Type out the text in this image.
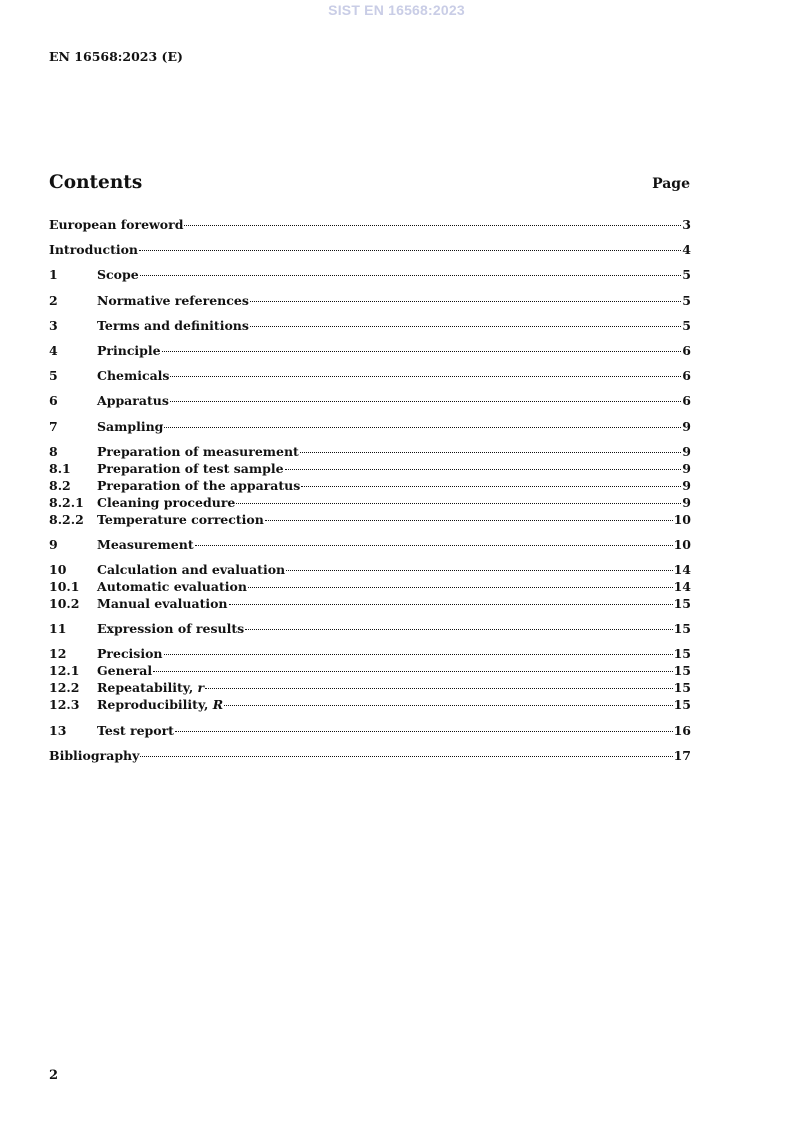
SIST EN 16568:2023
EN 16568:2023 (E)
Contents	Page
European foreword	3
Introduction	4
1	Scope	5
2	Normative references	5
3	Terms and definitions	5
4	Principle	6
5	Chemicals	6
6	Apparatus	6
7	Sampling	9
8	Preparation of measurement	9
8.1	Preparation of test sample	9
8.2	Preparation of the apparatus	9
8.2.1	Cleaning procedure	9
8.2.2	Temperature correction	10
9	Measurement	10
10	Calculation and evaluation	14
10.1	Automatic evaluation	14
10.2	Manual evaluation	15
11	Expression of results	15
12	Precision	15
12.1	General	15
12.2	Repeatability, r	15
12.3	Reproducibility, R	15
13	Test report	16
Bibliography	17
2
